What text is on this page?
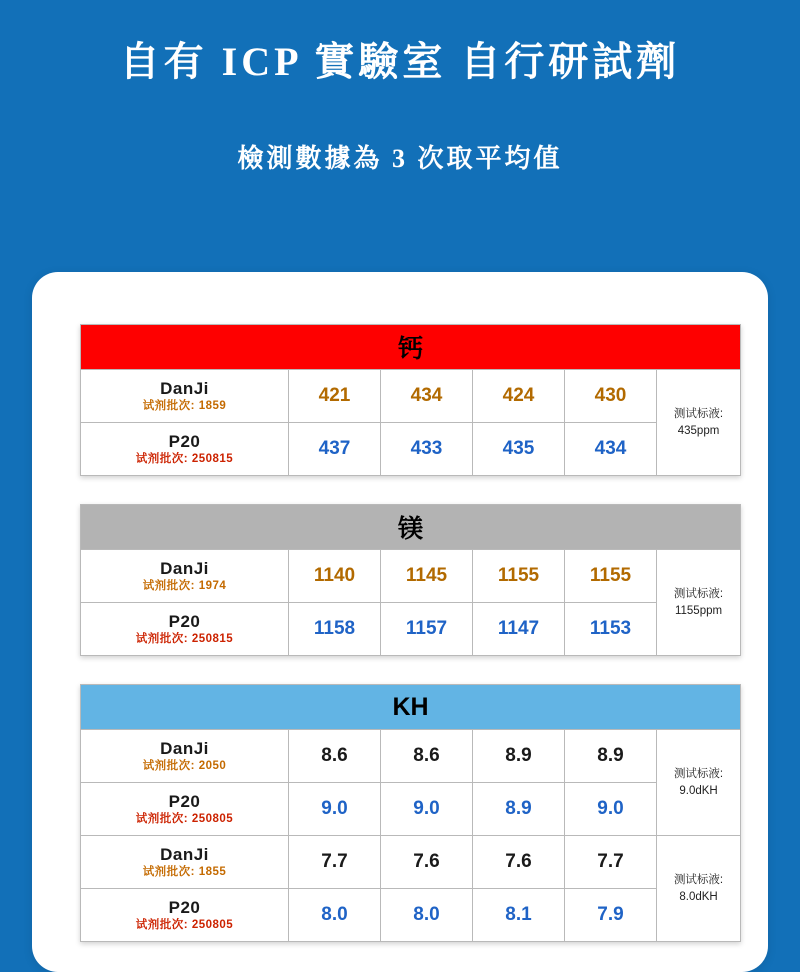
自有 ICP 實驗室 自行研試劑
檢測數據為 3 次取平均值
钙					

DanJi
试剂批次: 1859
	421	434	424	430	
测试标液:
435ppm

P20
试剂批次: 250815	437	433	435	434	
镁					

DanJi
试剂批次: 1974
	1140	1145	1155	1155	
测试标液:
1155ppm

P20
试剂批次: 250815	1158	1157	1147	1153	
KH					

DanJi
试剂批次: 2050
	8.6	8.6	8.9	8.9	
测试标液:
9.0dKH

P20
试剂批次: 250805	9.0	9.0	8.9	9.0	

DanJi
试剂批次: 1855
	7.7	7.6	7.6	7.7	
测试标液:
8.0dKH

P20
试剂批次: 250805	8.0	8.0	8.1	7.9	
